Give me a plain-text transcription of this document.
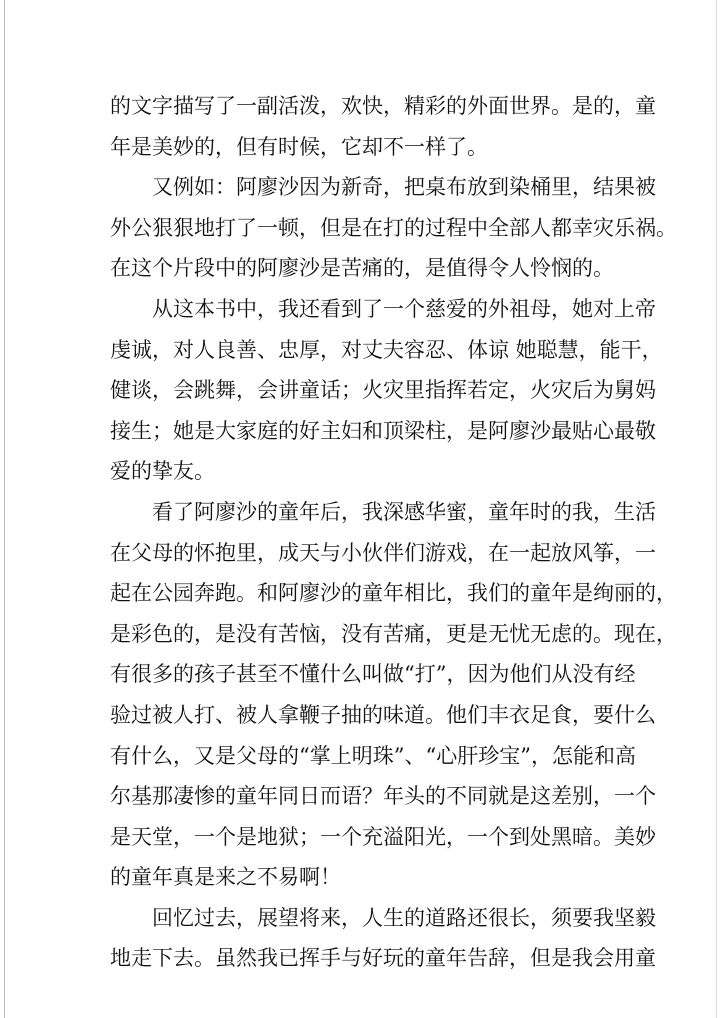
的文字描写了一副活泼，欢快，精彩的外面世界。是的，童
年是美妙的，但有时候，它却不一样了。
又例如：阿廖沙因为新奇，把桌布放到染桶里，结果被
外公狠狠地打了一顿，但是在打的过程中全部人都幸灾乐祸。
在这个片段中的阿廖沙是苦痛的，是值得令人怜悯的。
从这本书中，我还看到了一个慈爱的外祖母，她对上帝
虔诚，对人良善、忠厚，对丈夫容忍、体谅 她聪慧，能干，
健谈，会跳舞，会讲童话；火灾里指挥若定，火灾后为舅妈
接生；她是大家庭的好主妇和顶梁柱，是阿廖沙最贴心最敬
爱的挚友。
看了阿廖沙的童年后，我深感华蜜，童年时的我，生活
在父母的怀抱里，成天与小伙伴们游戏，在一起放风筝，一
起在公园奔跑。和阿廖沙的童年相比，我们的童年是绚丽的，
是彩色的，是没有苦恼，没有苦痛，更是无忧无虑的。现在，
有很多的孩子甚至不懂什么叫做“打”，因为他们从没有经
验过被人打、被人拿鞭子抽的味道。他们丰衣足食，要什么
有什么，又是父母的“掌上明珠”、“心肝珍宝”，怎能和高
尔基那凄惨的童年同日而语？年头的不同就是这差别，一个
是天堂，一个是地狱；一个充溢阳光，一个到处黑暗。美妙
的童年真是来之不易啊！
回忆过去，展望将来，人生的道路还很长，须要我坚毅
地走下去。虽然我已挥手与好玩的童年告辞，但是我会用童
